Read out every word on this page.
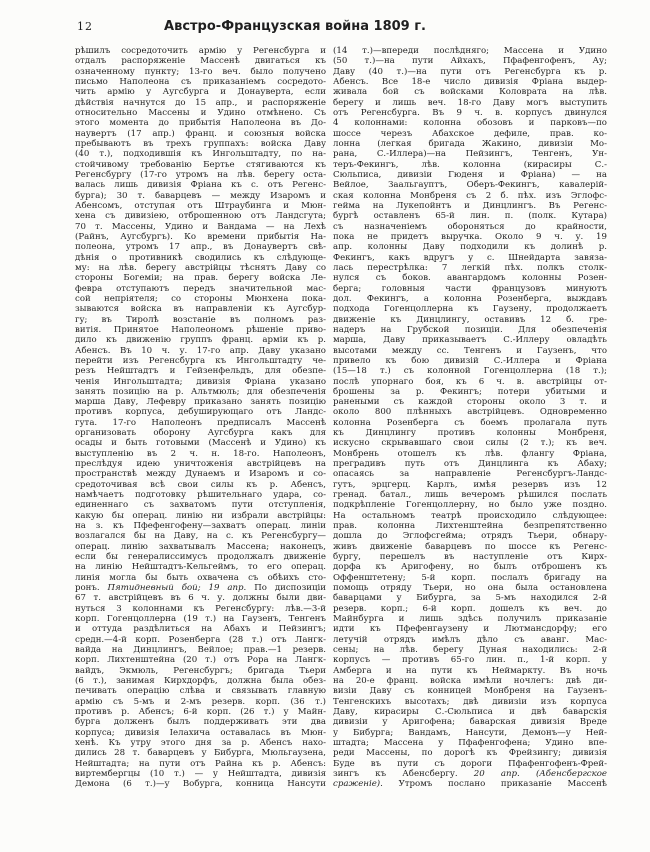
12	Австро-Французская война 1809 г.
рѣшилъ сосредоточить армію у Регенсбурга и
отдалъ распоряженіе Массенѣ двигаться къ
означенному пункту; 13-го веч. было получено
письмо Наполеона съ приказаніемъ сосредото-
чить армію у Аугсбурга и Донауверта, если
дѣйствія начнутся до 15 апр., и распоряженіе
относительно Массены и Удино отмѣнено. Съ
этого момента до прибытія Наполеона въ До-
наувертъ (17 апр.) франц. и союзныя войска
пребываютъ въ трехъ группахъ: войска Даву
(40 т.), подходившія къ Ингольштадту, по на-
стойчивому требованію Бертье стягиваются къ
Регенсбургу (17-го утромъ на лѣв. берегу оста-
валась лишь дивизія Фріана къ с. отъ Регенс-
бурга); 30 т. баварцевъ — между Изаромъ и
Абенсомъ, отступая отъ Штраубинга и Мюн-
хена съ дивизіею, отброшенною отъ Ландсгута;
70 т. Массены, Удино и Вандама — на Лехѣ
(Райнъ, Аугсбургъ). Ко времени прибытія На-
полеона, утромъ 17 апр., въ Донаувертъ свѣ-
дѣнія о противникѣ сводились къ слѣдующе-
му: на лѣв. берегу австрійцы тѣснятъ Даву со
стороны Богеміи; на прав. берегу войска Ле-
февра отступаютъ передъ значительной мас-
сой непріятеля; со стороны Мюнхена пока-
зываются войска въ направленіи къ Аугсбур-
гу; въ Тиролѣ возстаніе въ полномъ раз-
витія. Принятое Наполеономъ рѣшеніе приво-
дило къ движенію группъ франц. арміи къ р.
Абенсъ. Въ 10 ч. у. 17-го апр. Даву указано
перейти изъ Регенсбурга къ Ингольштадту че-
резъ Нейштадтъ и Гейзенфельдъ, для обезпе-
ченія Ингольштадта; дивизія Фріана указано
занять позицію на р. Альтмюль; для обезпеченія
марша Даву, Лефевру приказано занять позицію
противъ корпуса, дебуширующаго отъ Ландс-
гута. 17-го Наполеонъ предписалъ Массенѣ
организовать оборону Аугсбурга какъ для
осады и быть готовыми (Массенѣ и Удино) къ
выступленію въ 2 ч. н. 18-го. Наполеонъ,
преслѣдуя идею уничтоженія австрійцевъ на
пространствѣ между Дунаемъ и Изаромъ и со-
средоточивая всѣ свои силы къ р. Абенсъ,
намѣчаетъ подготовку рѣшительнаго удара, со-
единеннаго съ захватомъ пути отступленія,
какую бы операц. линію ни избрали австрійцы:
на з. къ Пфефенгофену—захватъ операц. линіи
возлагался бы на Даву, на с. къ Регенсбургу—
операц. линію захватывалъ Массена; наконецъ,
если бы генералиссимусъ продолжалъ движеніе
на линію Нейштадтъ-Кельгеймъ, то его операц.
линія могла бы быть охвачена съ обѣихъ сто-
ронъ. Пятидневный бой; 19 апр. По диспозиціи
67 т. австрійцевъ въ 6 ч. у. должны были дви-
нуться 3 колоннами къ Регенсбургу: лѣв.—3-й
корп. Гогенцоллерна (19 т.) на Гаузенъ, Тенгенъ
и оттуда раздѣлиться на Абахъ и Пейзингъ;
средн.—4-й корп. Розенберга (28 т.) отъ Лангк-
вайда на Динцлингъ, Вейлое; прав.—1 резерв.
корп. Лихтенштейна (20 т.) отъ Рора на Лангк-
вайдъ, Экмюль, Регенсбургъ; бригада Тьери
(6 т.), занимая Кирхдорфъ, должна была обез-
печивать операцію слѣва и связывать главную
армію съ 5-мъ и 2-мъ резерв. корп. (36 т.)
противъ р. Абенсъ; 6-й корп. (26 т.) у Майн-
бурга долженъ былъ поддерживать эти два
корпуса; дивизія Іелахича оставалась въ Мюн-
хенѣ. Къ утру этого дня за р. Абенсъ нахо-
дились 28 т. баварцевъ у Бибурга, Мюльгаузена,
Нейштадта; на пути отъ Райна къ р. Абенсъ:
виртембергцы (10 т.) — у Нейштадта, дивизія
Демона (6 т.)—у Вобурга, конница Нансути
(14 т.)—впереди послѣдняго; Массена и Удино
(50 т.)—на пути Айхахъ, Пфафенгофенъ, Ау;
Даву (40 т.)—на пути отъ Регенсбурга къ р.
Абенсъ. Все 18-е число дивизія Фріана выдер-
живала бой съ войсками Коловрата на лѣв.
берегу и лишь веч. 18-го Даву могъ выступить
отъ Регенсбурга. Въ 9 ч. в. корпусъ двинулся
4 колоннами: колонна обозовъ и парковъ—по
шоссе черезъ Абахское дефиле, прав. ко-
лонна (легкая бригада Жакино, дивизіи Мо-
рана, С.-Иллера)—на Пейзингъ, Тенгенъ, Ун-
теръ-Фекингъ, лѣв. колонна (кирасиры С.-
Сюльписа, дивизіи Гюденя и Фріана) — на
Вейлое, Заальгауптъ, Оберъ-Фекингъ, кавалерій-
ская колонна Монбреня съ 2 б. пѣх. изъ Эглофс-
гейма на Лукепойнтъ и Динцлингъ. Въ Регенс-
бургѣ оставленъ 65-й лин. п. (полк. Кутара)
съ назначеніемъ обороняться до крайности,
пока не придетъ выручка. Около 9 ч. у. 19
апр. колонны Даву подходили къ долинѣ р.
Фекингъ, какъ вдругъ у с. Шнейдарта завяза-
лась перестрѣлка: 7 легкій пѣх. полкъ столк-
нулся съ боков. авангардомъ колонны Розен-
берга; головныя части французовъ минуютъ
дол. Фекингъ, а колонна Розенберга, выждавъ
подхода Гогенцоллерна къ Гаузену, продолжаетъ
движеніе къ Динцлингу, оставивъ 12 б. гре-
надеръ на Грубской позиціи. Для обезпеченія
марша, Даву приказываетъ С.-Иллеру овладѣть
высотами между сс. Тенгенъ и Гаузенъ, что
привело къ бою дивизій С.-Иллера и Фріана
(15—18 т.) съ колонной Гогенцоллерна (18 т.);
послѣ упорнаго боя, къ 6 ч. в. австрійцы от-
брошены за р. Фекингъ; потери убитыми и
ранеными съ каждой стороны около 3 т. и
около 800 плѣнныхъ австрійцевъ. Одновременно
колонна Розенберга съ боемъ пролагала путь
къ Динцлингу противъ колонны Монбреня,
искусно скрывавшаго свои силы (2 т.); къ веч.
Монбрень отошелъ къ лѣв. флангу Фріана,
преградивъ путь отъ Динцлинга къ Абаху;
опасаясь за направленіе Регенсбургъ-Ландс-
гутъ, эрцгерц. Карлъ, имѣя резервъ изъ 12
гренад. батал., лишь вечеромъ рѣшился послать
подкрѣпленіе Гогенцоллерну, но было уже поздно.
На остальномъ театрѣ происходило слѣдующее:
прав. колонна Лихтенштейна безпрепятственно
дошла до Эглофсгейма; отрядъ Тьери, обнару-
живъ движеніе баварцевъ по шоссе къ Регенс-
бургу, перешелъ въ наступленіе отъ Кирх-
дорфа къ Аригофену, но былъ отброшенъ къ
Оффенштетену; 5-й корп. послалъ бригаду на
помощь отряду Тьери, но она была остановлена
баварцами у Бибурга, за 5-мъ находился 2-й
резерв. корп.; 6-й корп. дошелъ къ веч. до
Майнбурга и лишь здѣсь получилъ приказаніе
идти къ Пфефенгаузену и Лютмансдорфу; его
летучій отрядъ имѣлъ дѣло съ аванг. Мас-
сены; на лѣв. берегу Дуная находились: 2-й
корпусъ — противъ 65-го лин. п., 1-й корп. у
Амберга и на пути къ Неймаркту. Въ ночь
на 20-е франц. войска имѣли ночлегъ: двѣ ди-
визіи Даву съ конницей Монбреня на Гаузенъ-
Тенгенскихъ высотахъ; двѣ дивизіи изъ корпуса
Даву, кирасиры С.-Сюльписа и двѣ баварскія
дивизіи у Аригофена; баварская дивизія Вреде
у Бибурга; Вандамъ, Нансути, Демонъ—у Ней-
штадта; Массена у Пфафенгофена; Удино впе-
реди Массены, по дорогѣ къ Фрейзингу; дивизія
Буде въ пути съ дороги Пфафенгофенъ-Фрей-
зингъ къ Абенсбергу. 20 апр. (Абенсбергское
сраженіе). Утромъ послано приказаніе Массенѣ
